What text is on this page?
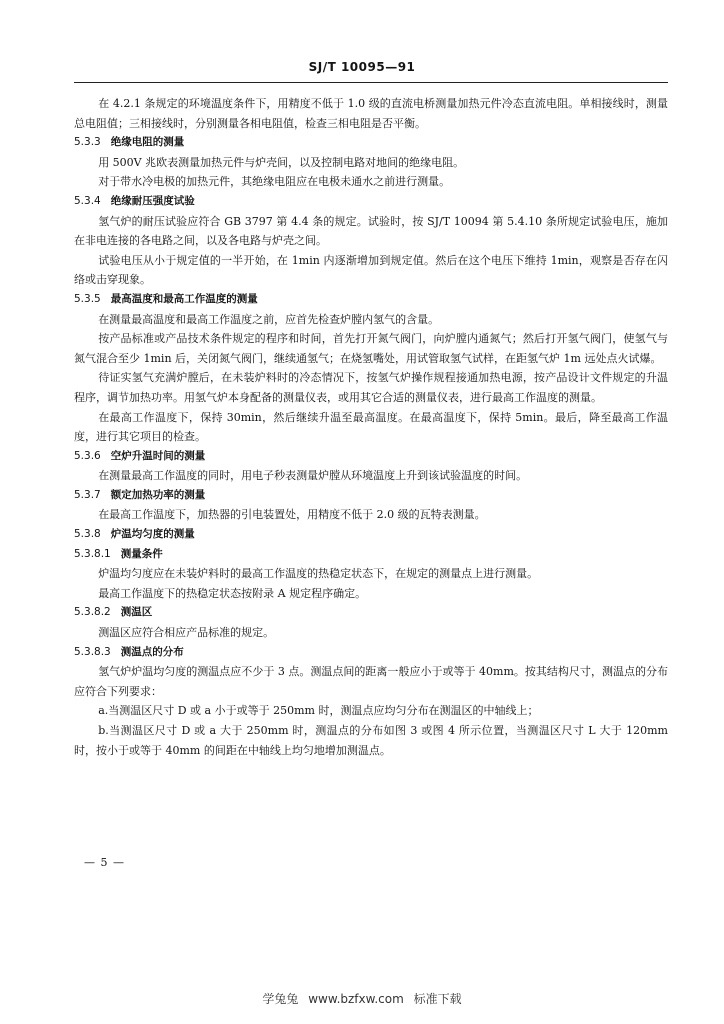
SJ/T 10095—91

在 4.2.1 条规定的环境温度条件下，用精度不低于 1.0 级的直流电桥测量加热元件冷态直流电阻。单相接线时，测量总电阻值；三相接线时，分别测量各相电阻值，检查三相电阻是否平衡。

5.3.3 绝缘电阻的测量

用 500V 兆欧表测量加热元件与炉壳间，以及控制电路对地间的绝缘电阻。

对于带水冷电极的加热元件，其绝缘电阻应在电极未通水之前进行测量。

5.3.4 绝缘耐压强度试验

氢气炉的耐压试验应符合 GB 3797 第 4.4 条的规定。试验时，按 SJ/T 10094 第 5.4.10 条所规定试验电压，施加在非电连接的各电路之间，以及各电路与炉壳之间。

试验电压从小于规定值的一半开始，在 1min 内逐渐增加到规定值。然后在这个电压下维持 1min，观察是否存在闪络或击穿现象。

5.3.5 最高温度和最高工作温度的测量

在测量最高温度和最高工作温度之前，应首先检查炉膛内氢气的含量。

按产品标准或产品技术条件规定的程序和时间，首先打开氮气阀门，向炉膛内通氮气；然后打开氢气阀门，使氢气与氮气混合至少 1min 后，关闭氮气阀门，继续通氢气；在烧氢嘴处，用试管取氢气试样，在距氢气炉 1m 远处点火试爆。

待证实氢气充满炉膛后，在未装炉料时的冷态情况下，按氢气炉操作规程接通加热电源，按产品设计文件规定的升温程序，调节加热功率。用氢气炉本身配备的测量仪表，或用其它合适的测量仪表，进行最高工作温度的测量。

在最高工作温度下，保持 30min，然后继续升温至最高温度。在最高温度下，保持 5min。最后，降至最高工作温度，进行其它项目的检查。

5.3.6 空炉升温时间的测量

在测量最高工作温度的同时，用电子秒表测量炉膛从环境温度上升到该试验温度的时间。

5.3.7 额定加热功率的测量

在最高工作温度下，加热器的引电装置处，用精度不低于 2.0 级的瓦特表测量。

5.3.8 炉温均匀度的测量

5.3.8.1 测量条件

炉温均匀度应在未装炉料时的最高工作温度的热稳定状态下，在规定的测量点上进行测量。

最高工作温度下的热稳定状态按附录 A 规定程序确定。

5.3.8.2 测温区

测温区应符合相应产品标准的规定。

5.3.8.3 测温点的分布

氢气炉炉温均匀度的测温点应不少于 3 点。测温点间的距离一般应小于或等于 40mm。按其结构尺寸，测温点的分布应符合下列要求：

a.当测温区尺寸 D 或 a 小于或等于 250mm 时，测温点应均匀分布在测温区的中轴线上；

b.当测温区尺寸 D 或 a 大于 250mm 时，测温点的分布如图 3 或图 4 所示位置，当测温区尺寸 L 大于 120mm 时，按小于或等于 40mm 的间距在中轴线上均匀地增加测温点。

— 5 —
学兔兔 www.bzfxw.com 标准下载
